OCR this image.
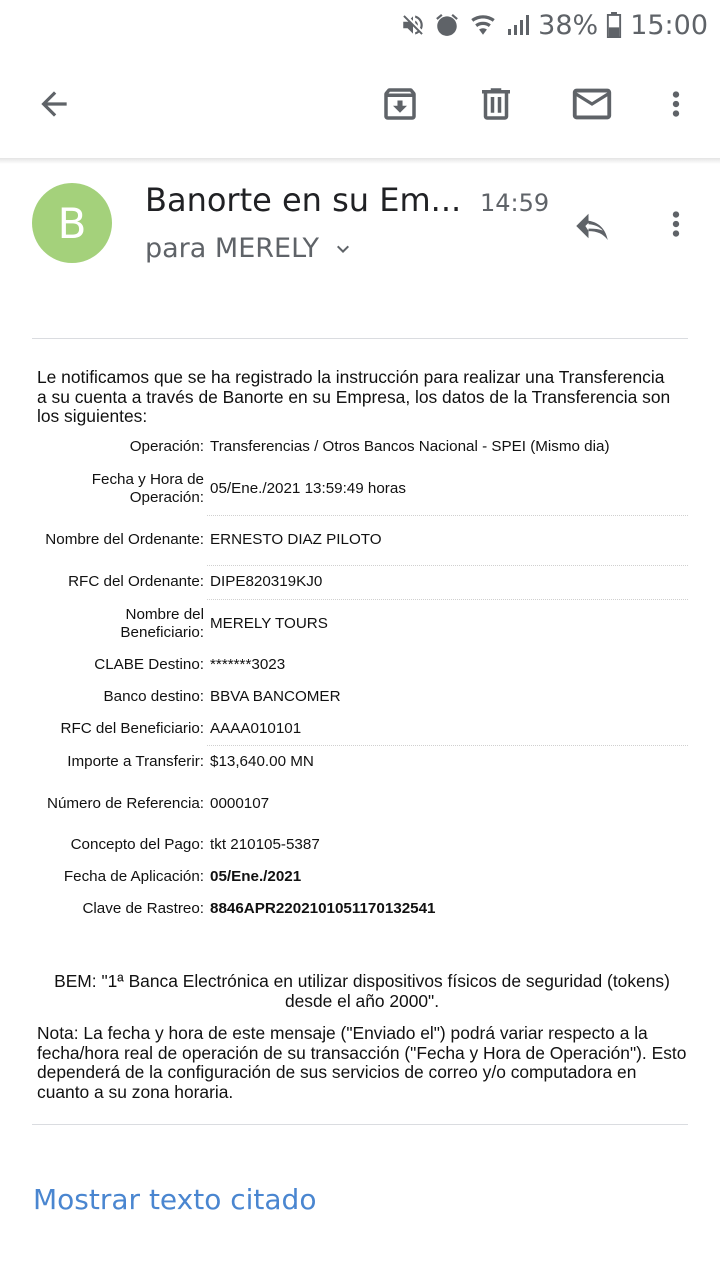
38% 15:00
B	Banorte en su Em... 14:59
para MERELY
Le notificamos que se ha registrado la instrucción para realizar una Transferencia a su cuenta a través de Banorte en su Empresa, los datos de la Transferencia son los siguientes:
Operación:	Transferencias / Otros Bancos Nacional - SPEI (Mismo dia)
Fecha y Hora de Operación:	05/Ene./2021 13:59:49 horas
Nombre del Ordenante:	ERNESTO DIAZ PILOTO
RFC del Ordenante:	DIPE820319KJ0
Nombre del Beneficiario:	MERELY TOURS
CLABE Destino:	*******3023
Banco destino:	BBVA BANCOMER
RFC del Beneficiario:	AAAA010101
Importe a Transferir:	$13,640.00 MN
Número de Referencia:	0000107
Concepto del Pago:	tkt 210105-5387
Fecha de Aplicación:	05/Ene./2021
Clave de Rastreo:	8846APR2202101051170132541
BEM: "1ª Banca Electrónica en utilizar dispositivos físicos de seguridad (tokens) desde el año 2000".
Nota: La fecha y hora de este mensaje ("Enviado el") podrá variar respecto a la fecha/hora real de operación de su transacción ("Fecha y Hora de Operación"). Esto dependerá de la configuración de sus servicios de correo y/o computadora en cuanto a su zona horaria.
Mostrar texto citado
